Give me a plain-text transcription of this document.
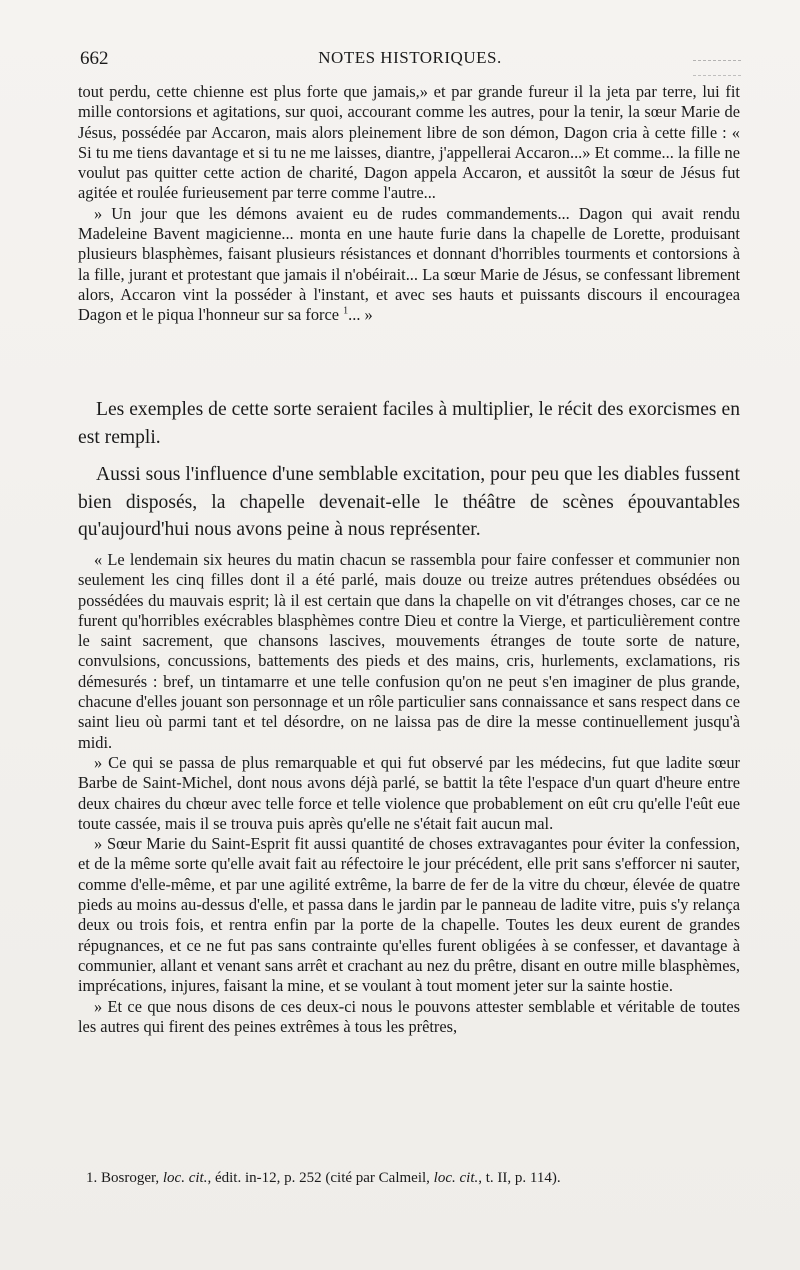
662	NOTES HISTORIQUES.

tout perdu, cette chienne est plus forte que jamais,» et par grande fureur il la jeta par terre, lui fit mille contorsions et agitations, sur quoi, accourant comme les autres, pour la tenir, la sœur Marie de Jésus, possédée par Accaron, mais alors pleinement libre de son démon, Dagon cria à cette fille : « Si tu me tiens davantage et si tu ne me laisses, diantre, j'appellerai Accaron...» Et comme... la fille ne voulut pas quitter cette action de charité, Dagon appela Accaron, et aussitôt la sœur de Jésus fut agitée et roulée furieusement par terre comme l'autre...

» Un jour que les démons avaient eu de rudes commandements... Dagon qui avait rendu Madeleine Bavent magicienne... monta en une haute furie dans la chapelle de Lorette, produisant plusieurs blasphèmes, faisant plusieurs résistances et donnant d'horribles tourments et contorsions à la fille, jurant et protestant que jamais il n'obéirait... La sœur Marie de Jésus, se confessant librement alors, Accaron vint la posséder à l'instant, et avec ses hauts et puissants discours il encouragea Dagon et le piqua l'honneur sur sa force $^1$... »

Les exemples de cette sorte seraient faciles à multiplier, le récit des exorcismes en est rempli.

Aussi sous l'influence d'une semblable excitation, pour peu que les diables fussent bien disposés, la chapelle devenait-elle le théâtre de scènes épouvantables qu'aujourd'hui nous avons peine à nous représenter.

« Le lendemain six heures du matin chacun se rassembla pour faire confesser et communier non seulement les cinq filles dont il a été parlé, mais douze ou treize autres prétendues obsédées ou possédées du mauvais esprit; là il est certain que dans la chapelle on vit d'étranges choses, car ce ne furent qu'horribles exécrables blasphèmes contre Dieu et contre la Vierge, et particulièrement contre le saint sacrement, que chansons lascives, mouvements étranges de toute sorte de nature, convulsions, concussions, battements des pieds et des mains, cris, hurlements, exclamations, ris démesurés : bref, un tintamarre et une telle confusion qu'on ne peut s'en imaginer de plus grande, chacune d'elles jouant son personnage et un rôle particulier sans connaissance et sans respect dans ce saint lieu où parmi tant et tel désordre, on ne laissa pas de dire la messe continuellement jusqu'à midi.

» Ce qui se passa de plus remarquable et qui fut observé par les médecins, fut que ladite sœur Barbe de Saint-Michel, dont nous avons déjà parlé, se battit la tête l'espace d'un quart d'heure entre deux chaires du chœur avec telle force et telle violence que probablement on eût cru qu'elle l'eût eue toute cassée, mais il se trouva puis après qu'elle ne s'était fait aucun mal.

» Sœur Marie du Saint-Esprit fit aussi quantité de choses extravagantes pour éviter la confession, et de la même sorte qu'elle avait fait au réfectoire le jour précédent, elle prit sans s'efforcer ni sauter, comme d'elle-même, et par une agilité extrême, la barre de fer de la vitre du chœur, élevée de quatre pieds au moins au-dessus d'elle, et passa dans le jardin par le panneau de ladite vitre, puis s'y relança deux ou trois fois, et rentra enfin par la porte de la chapelle. Toutes les deux eurent de grandes répugnances, et ce ne fut pas sans contrainte qu'elles furent obligées à se confesser, et davantage à communier, allant et venant sans arrêt et crachant au nez du prêtre, disant en outre mille blasphèmes, imprécations, injures, faisant la mine, et se voulant à tout moment jeter sur la sainte hostie.

» Et ce que nous disons de ces deux-ci nous le pouvons attester semblable et véritable de toutes les autres qui firent des peines extrêmes à tous les prêtres,

1. Bosroger, loc. cit., édit. in-12, p. 252 (cité par Calmeil, loc. cit., t. II, p. 114).
